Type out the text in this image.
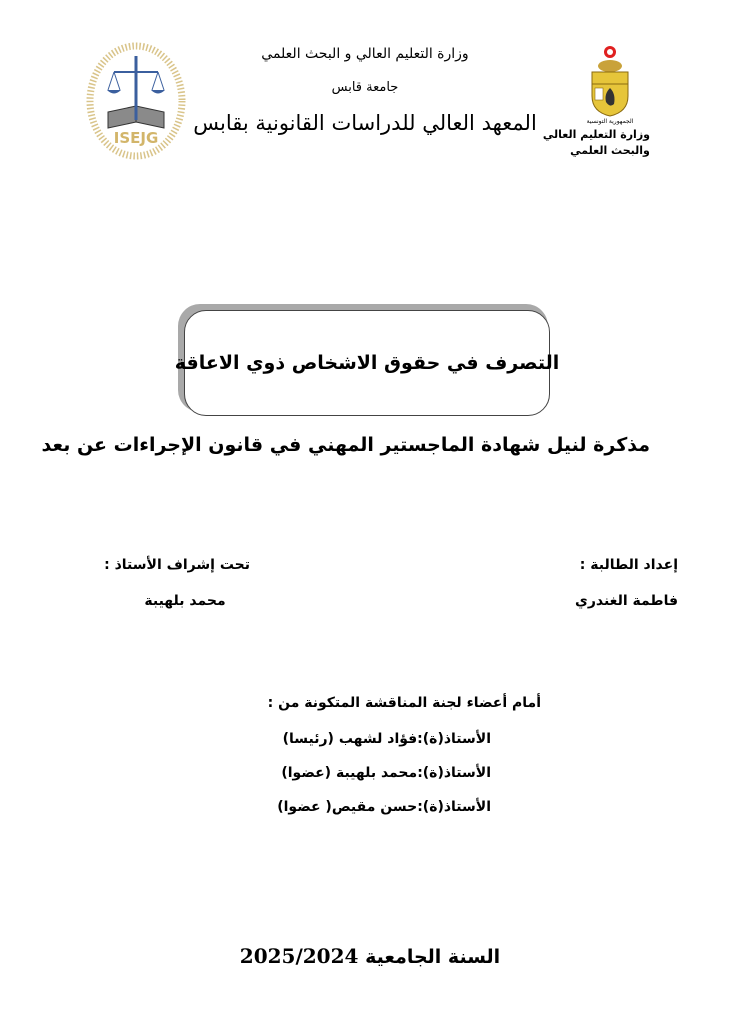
ISEJG
الجمهورية التونسية
وزارة التعليم العالي
والبحث العلمي
وزارة التعليم العالي و البحث العلمي
جامعة قابس
المعهد العالي للدراسات القانونية بقابس
التصرف في حقوق الاشخاص ذوي الاعاقة
مذكرة لنيل شهادة الماجستير المهني في قانون الإجراءات عن بعد
إعداد الطالبة :
فاطمة الغندري
تحت إشراف الأستاذ :
محمد بلهيبة
أمام أعضاء لجنة المناقشة المتكونة من :
الأستاذ(ة):فؤاد لشهب (رئيسا)
الأستاذ(ة):محمد بلهيبة (عضوا)
الأستاذ(ة):حسن مقيص( عضوا)
السنة الجامعية 2025/2024
